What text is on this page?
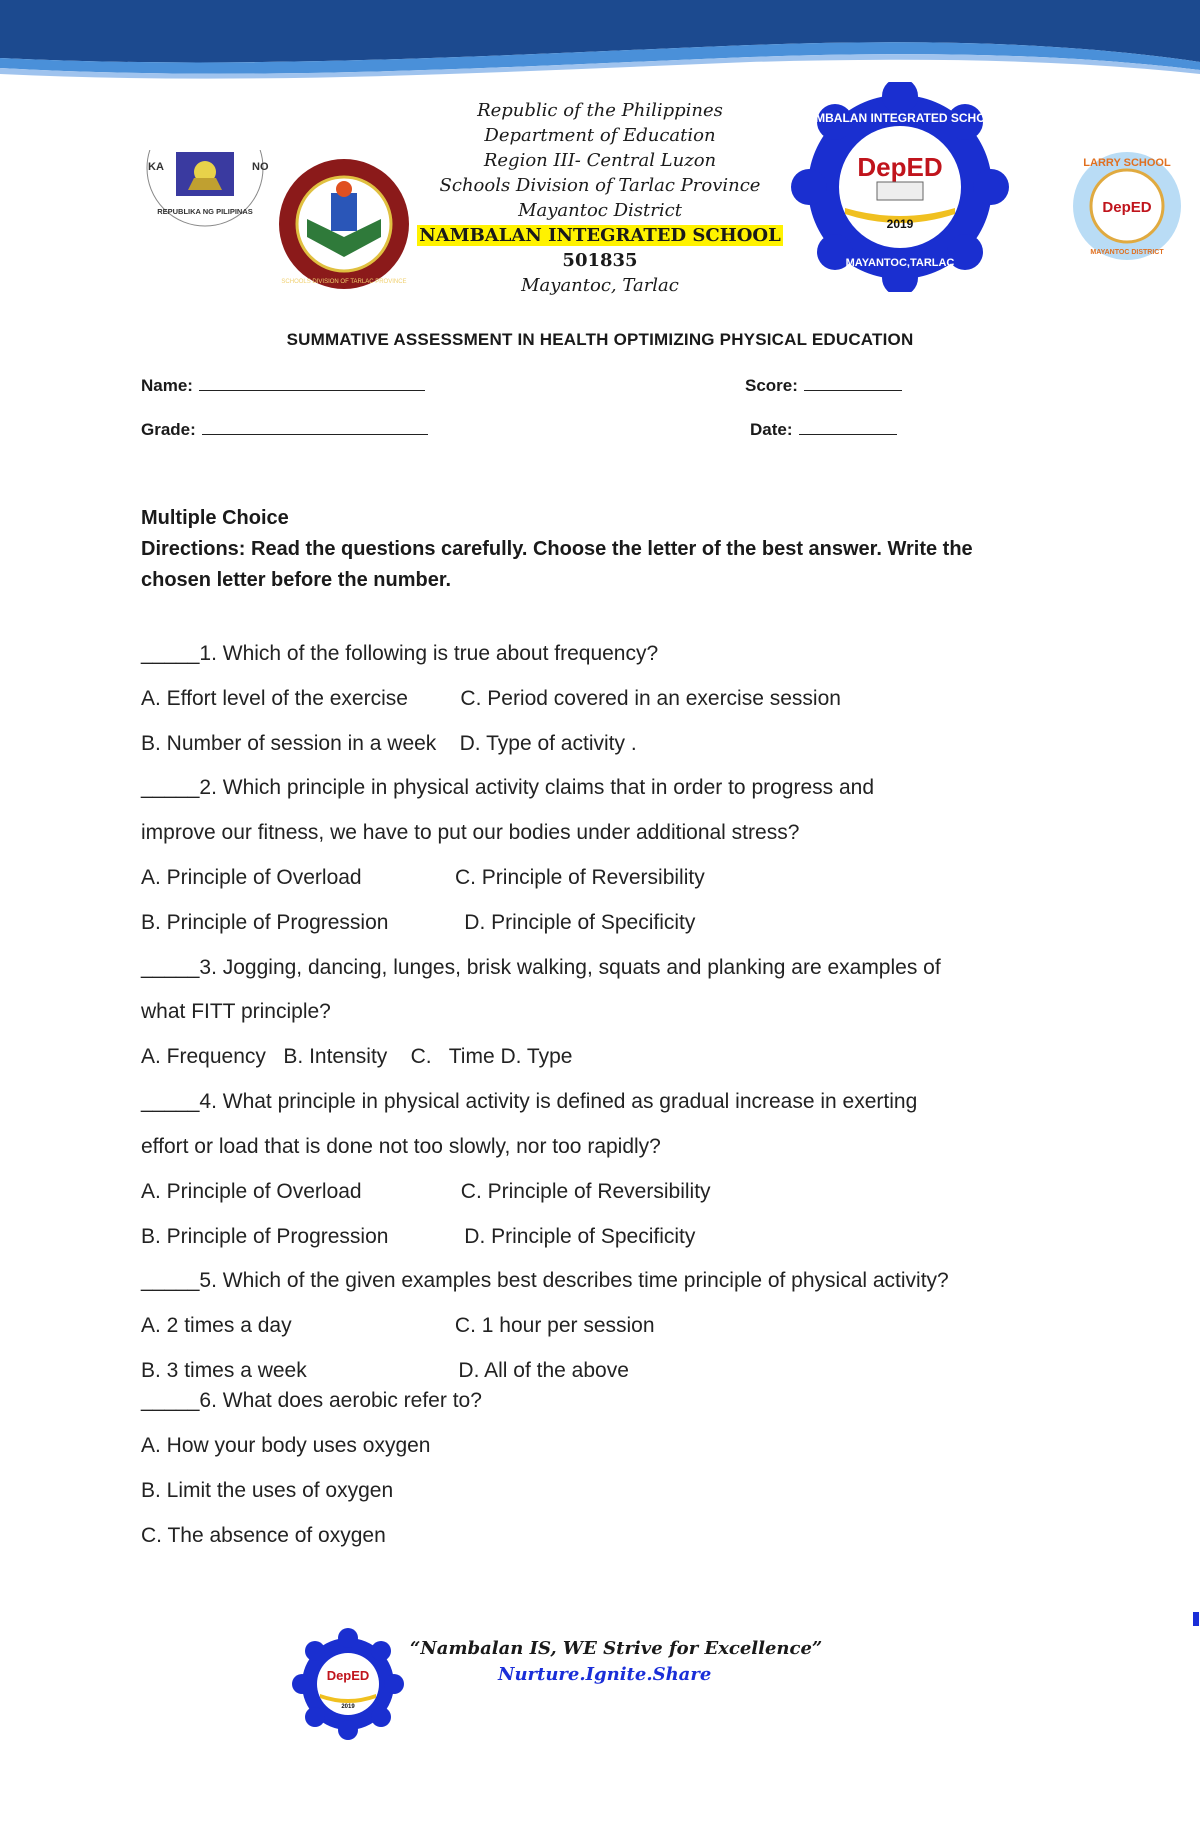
KA	NO
REPUBLIKA NG PILIPINAS
SCHOOLS DIVISION OF TARLAC PROVINCE
Republic of the Philippines
Department of Education
Region III- Central Luzon
Schools Division of Tarlac Province
Mayantoc District
NAMBALAN INTEGRATED SCHOOL
501835
Mayantoc, Tarlac
DepED
2019
NAMBALAN INTEGRATED SCHOOL
MAYANTOC,TARLAC
DepED
LARRY SCHOOL
MAYANTOC DISTRICT
SUMMATIVE ASSESSMENT IN HEALTH OPTIMIZING PHYSICAL EDUCATION
Name:	Score:
Grade:	Date:
Multiple Choice
Directions: Read the questions carefully. Choose the letter of the best answer. Write the
chosen letter before the number.
_____1. Which of the following is true about frequency?
A. Effort level of the exercise         C. Period covered in an exercise session
B. Number of session in a week    D. Type of activity .
_____2. Which principle in physical activity claims that in order to progress and
improve our fitness, we have to put our bodies under additional stress?
A. Principle of Overload                C. Principle of Reversibility
B. Principle of Progression             D. Principle of Specificity
_____3. Jogging, dancing, lunges, brisk walking, squats and planking are examples of
what FITT principle?
A. Frequency   B. Intensity    C.   Time D. Type
_____4. What principle in physical activity is defined as gradual increase in exerting
effort or load that is done not too slowly, nor too rapidly?
A. Principle of Overload                 C. Principle of Reversibility
B. Principle of Progression             D. Principle of Specificity
_____5. Which of the given examples best describes time principle of physical activity?
A. 2 times a day                            C. 1 hour per session
B. 3 times a week                          D. All of the above
_____6. What does aerobic refer to?
A. How your body uses oxygen
B. Limit the uses of oxygen
C. The absence of oxygen
DepED
2019
“Nambalan IS, WE Strive for Excellence”
Nurture.Ignite.Share
